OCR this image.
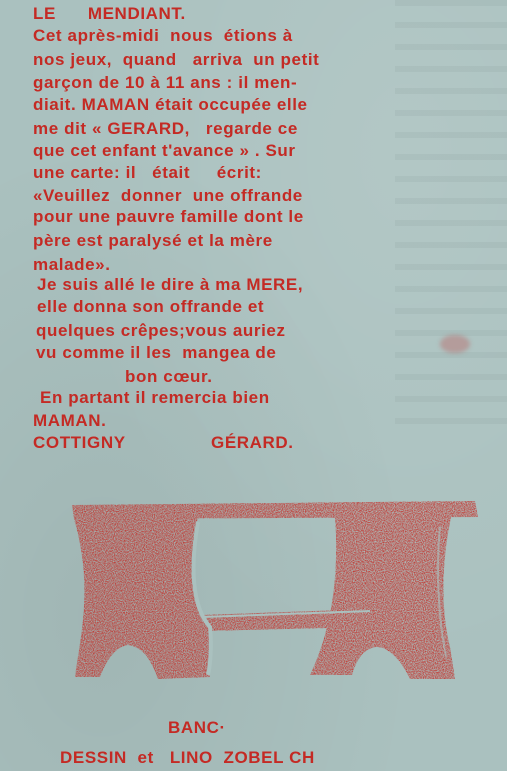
LE      MENDIANT.
Cet après-midi  nous  étions à
nos jeux,  quand   arriva  un petit
garçon de 10 à 11 ans : il men-
diait. MAMAN était occupée elle
me dit « GERARD,   regarde ce
que cet enfant t'avance » . Sur
une carte: il   était     écrit:
«Veuillez  donner  une offrande
pour une pauvre famille dont le
père est paralysé et la mère
malade».
Je suis allé le dire à ma MERE,
elle donna son offrande et
quelques crêpes;vous auriez
vu comme il les  mangea de
bon cœur.
En partant il remercia bien
MAMAN.
COTTIGNY	GÉRARD.
BANC·
DESSIN  et   LINO  ZOBEL CH
